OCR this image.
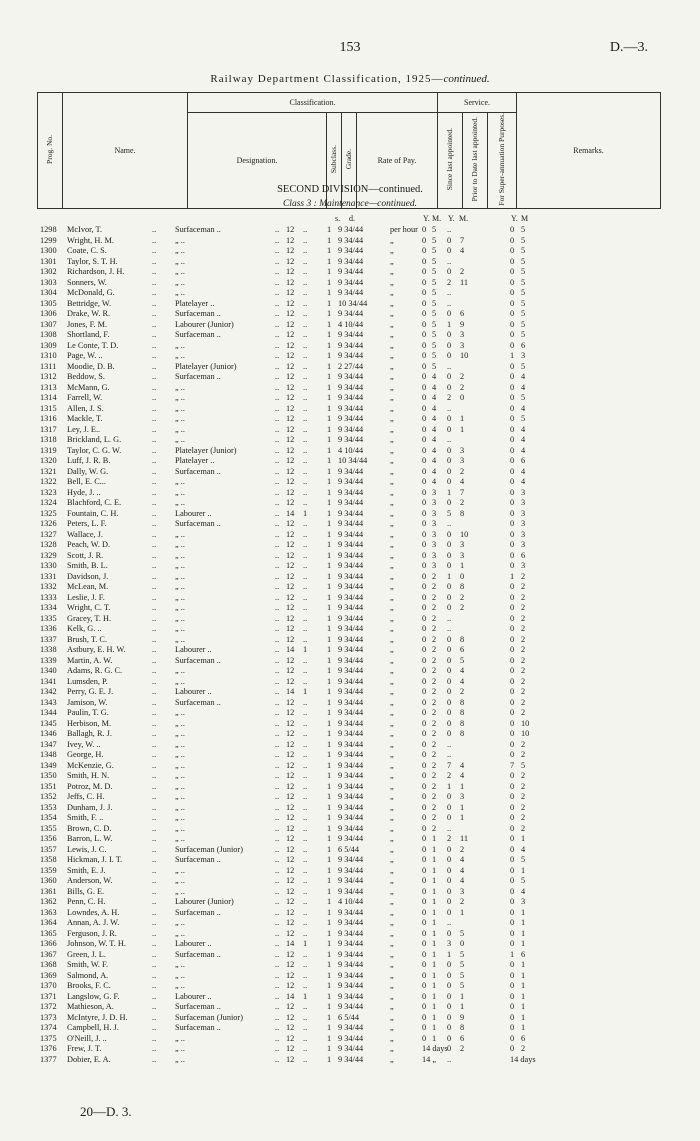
153	D.—3.
Railway Department Classification, 1925—continued.
Prog. No.	Name.	Classification.				Service.			Remarks.
		Designation.	Subclass.	Grade.	Rate of Pay.	Since last appointed.	Prior to Date last appointed.	For Super-annuation Purposes.	
SECOND DIVISION—continued.
Class 3 : Maintenance—continued.
s. d.	Y. M. Y. M.	Y. M
1298 McIvor, T.	.. Surfaceman ..	.. 12 .. 1 9 34/44	per hour 0 5 ..	0 5
1299 Wright, H. M.	.. „ ..	.. 12 .. 1 9 34/44	„	0 5 0 7	0 5
1300 Coate, C. S.	.. „ ..	.. 12 .. 1 9 34/44	„	0 5 0 4	0 5
1301 Taylor, S. T. H.	.. „ ..	.. 12 .. 1 9 34/44	„	0 5 ..	0 5
1302 Richardson, J. H.	.. „ ..	.. 12 .. 1 9 34/44	„	0 5 0 2	0 5
1303 Sonners, W.	.. „ ..	.. 12 .. 1 9 34/44	„	0 5 2 11	0 5
1304 McDonald, G.	.. „ ..	.. 12 .. 1 9 34/44	„	0 5 ..	0 5
1305 Bettridge, W.	.. Platelayer ..	.. 12 .. 1 10 34/44	„	0 5 ..	0 5
1306 Drake, W. R.	.. Surfaceman ..	.. 12 .. 1 9 34/44	„	0 5 0 6	0 5
1307 Jones, F. M.	.. Labourer (Junior)	.. 12 .. 1 4 10/44	„	0 5 1 9	0 5
1308 Shortland, F.	.. Surfaceman ..	.. 12 .. 1 9 34/44	„	0 5 0 3	0 5
1309 Le Conte, T. D.	.. „ ..	.. 12 .. 1 9 34/44	„	0 5 0 3	0 6
1310 Page, W. ..	.. „ ..	.. 12 .. 1 9 34/44	„	0 5 0 10	1 3
1311 Moodie, D. B.	.. Platelayer (Junior)	.. 12 .. 1 2 27/44	„	0 5 ..	0 5
1312 Beddow, S.	.. Surfaceman ..	.. 12 .. 1 9 34/44	„	0 4 0 2	0 4
1313 McMann, G.	.. „ ..	.. 12 .. 1 9 34/44	„	0 4 0 2	0 4
1314 Farrell, W.	.. „ ..	.. 12 .. 1 9 34/44	„	0 4 2 0	0 5
1315 Allen, J. S.	.. „ ..	.. 12 .. 1 9 34/44	„	0 4 ..	0 4
1316 Mackle, T.	.. „ ..	.. 12 .. 1 9 34/44	„	0 4 0 1	0 5
1317 Ley, J. E..	.. „ ..	.. 12 .. 1 9 34/44	„	0 4 0 1	0 4
1318 Brickland, L. G.	.. „ ..	.. 12 .. 1 9 34/44	„	0 4 ..	0 4
1319 Taylor, C. G. W.	.. Platelayer (Junior)	.. 12 .. 1 4 10/44	„	0 4 0 3	0 4
1320 Luff, J. R. B.	.. Platelayer ..	.. 12 .. 1 10 34/44	„	0 4 0 3	0 6
1321 Dally, W. G.	.. Surfaceman ..	.. 12 .. 1 9 34/44	„	0 4 0 2	0 4
1322 Bell, E. C...	.. „ ..	.. 12 .. 1 9 34/44	„	0 4 0 4	0 4
1323 Hyde, J. ..	.. „ ..	.. 12 .. 1 9 34/44	„	0 3 1 7	0 3
1324 Blachford, C. E.	.. „ ..	.. 12 .. 1 9 34/44	„	0 3 0 2	0 3
1325 Fountain, C. H.	.. Labourer ..	.. 14 1 1 9 34/44	„	0 3 5 8	0 3
1326 Peters, L. F.	.. Surfaceman ..	.. 12 .. 1 9 34/44	„	0 3 ..	0 3
1327 Wallace, J.	.. „ ..	.. 12 .. 1 9 34/44	„	0 3 0 10	0 3
1328 Peach, W. D.	.. „ ..	.. 12 .. 1 9 34/44	„	0 3 0 3	0 3
1329 Scott, J. R.	.. „ ..	.. 12 .. 1 9 34/44	„	0 3 0 3	0 6
1330 Smith, B. L.	.. „ ..	.. 12 .. 1 9 34/44	„	0 3 0 1	0 3
1331 Davidson, J.	.. „ ..	.. 12 .. 1 9 34/44	„	0 2 1 0	1 2
1332 McLean, M.	.. „ ..	.. 12 .. 1 9 34/44	„	0 2 0 8	0 2
1333 Leslie, J. F.	.. „ ..	.. 12 .. 1 9 34/44	„	0 2 0 2	0 2
1334 Wright, C. T.	.. „ ..	.. 12 .. 1 9 34/44	„	0 2 0 2	0 2
1335 Gracey, T. H.	.. „ ..	.. 12 .. 1 9 34/44	„	0 2 ..	0 2
1336 Kelk, G. ..	.. „ ..	.. 12 .. 1 9 34/44	„	0 2 ..	0 2
1337 Brush, T. C.	.. „ ..	.. 12 .. 1 9 34/44	„	0 2 0 8	0 2
1338 Astbury, E. H. W.	.. Labourer ..	.. 14 1 1 9 34/44	„	0 2 0 6	0 2
1339 Martin, A. W.	.. Surfaceman ..	.. 12 .. 1 9 34/44	„	0 2 0 5	0 2
1340 Adams, R. G. C.	.. „ ..	.. 12 .. 1 9 34/44	„	0 2 0 4	0 2
1341 Lumsden, P.	.. „ ..	.. 12 .. 1 9 34/44	„	0 2 0 4	0 2
1342 Perry, G. E. J.	.. Labourer ..	.. 14 1 1 9 34/44	„	0 2 0 2	0 2
1343 Jamison, W.	.. Surfaceman ..	.. 12 .. 1 9 34/44	„	0 2 0 8	0 2
1344 Paulin, T. G.	.. „ ..	.. 12 .. 1 9 34/44	„	0 2 0 8	0 2
1345 Herbison, M.	.. „ ..	.. 12 .. 1 9 34/44	„	0 2 0 8	0 10
1346 Ballagh, R. J.	.. „ ..	.. 12 .. 1 9 34/44	„	0 2 0 8	0 10
1347 Ivey, W. ..	.. „ ..	.. 12 .. 1 9 34/44	„	0 2 ..	0 2
1348 George, H.	.. „ ..	.. 12 .. 1 9 34/44	„	0 2 ..	0 2
1349 McKenzie, G.	.. „ ..	.. 12 .. 1 9 34/44	„	0 2 7 4	7 5
1350 Smith, H. N.	.. „ ..	.. 12 .. 1 9 34/44	„	0 2 2 4	0 2
1351 Potroz, M. D.	.. „ ..	.. 12 .. 1 9 34/44	„	0 2 1 1	0 2
1352 Jeffs, C. H.	.. „ ..	.. 12 .. 1 9 34/44	„	0 2 0 3	0 2
1353 Dunham, J. J.	.. „ ..	.. 12 .. 1 9 34/44	„	0 2 0 1	0 2
1354 Smith, F. ..	.. „ ..	.. 12 .. 1 9 34/44	„	0 2 0 1	0 2
1355 Brown, C. D.	.. „ ..	.. 12 .. 1 9 34/44	„	0 2 ..	0 2
1356 Barron, L. W.	.. „ ..	.. 12 .. 1 9 34/44	„	0 1 2 11	0 1
1357 Lewis, J. C.	.. Surfaceman (Junior)	.. 12 .. 1 6 5/44	„	0 1 0 2	0 4
1358 Hickman, J. I. T.	.. Surfaceman ..	.. 12 .. 1 9 34/44	„	0 1 0 4	0 5
1359 Smith, E. J.	.. „ ..	.. 12 .. 1 9 34/44	„	0 1 0 4	0 1
1360 Anderson, W.	.. „ ..	.. 12 .. 1 9 34/44	„	0 1 0 4	0 5
1361 Bills, G. E.	.. „ ..	.. 12 .. 1 9 34/44	„	0 1 0 3	0 4
1362 Penn, C. H.	.. Labourer (Junior)	.. 12 .. 1 4 10/44	„	0 1 0 2	0 3
1363 Lowndes, A. H.	.. Surfaceman ..	.. 12 .. 1 9 34/44	„	0 1 0 1	0 1
1364 Annan, A. J. W.	.. „ ..	.. 12 .. 1 9 34/44	„	0 1 ..	0 1
1365 Ferguson, J. R.	.. „ ..	.. 12 .. 1 9 34/44	„	0 1 0 5	0 1
1366 Johnson, W. T. H.	.. Labourer ..	.. 14 1 1 9 34/44	„	0 1 3 0	0 1
1367 Green, J. L.	.. Surfaceman ..	.. 12 .. 1 9 34/44	„	0 1 1 5	1 6
1368 Smith, W. F.	.. „ ..	.. 12 .. 1 9 34/44	„	0 1 0 5	0 1
1369 Salmond, A.	.. „ ..	.. 12 .. 1 9 34/44	„	0 1 0 5	0 1
1370 Brooks, F. C.	.. „ ..	.. 12 .. 1 9 34/44	„	0 1 0 5	0 1
1371 Langslow, G. F.	.. Labourer ..	.. 14 1 1 9 34/44	„	0 1 0 1	0 1
1372 Mathieson, A.	.. Surfaceman ..	.. 12 .. 1 9 34/44	„	0 1 0 1	0 1
1373 McIntyre, J. D. H.	.. Surfaceman (Junior)	.. 12 .. 1 6 5/44	„	0 1 0 9	0 1
1374 Campbell, H. J.	.. Surfaceman ..	.. 12 .. 1 9 34/44	„	0 1 0 8	0 1
1375 O'Neill, J. ..	.. „ ..	.. 12 .. 1 9 34/44	„	0 1 0 6	0 6
1376 Frew, J. T.	.. „ ..	.. 12 .. 1 9 34/44	„	14 days 0 2	0 2
1377 Dobier, E. A.	.. „ ..	.. 12 .. 1 9 34/44	„	14 „ ..	14 days
20—D. 3.
